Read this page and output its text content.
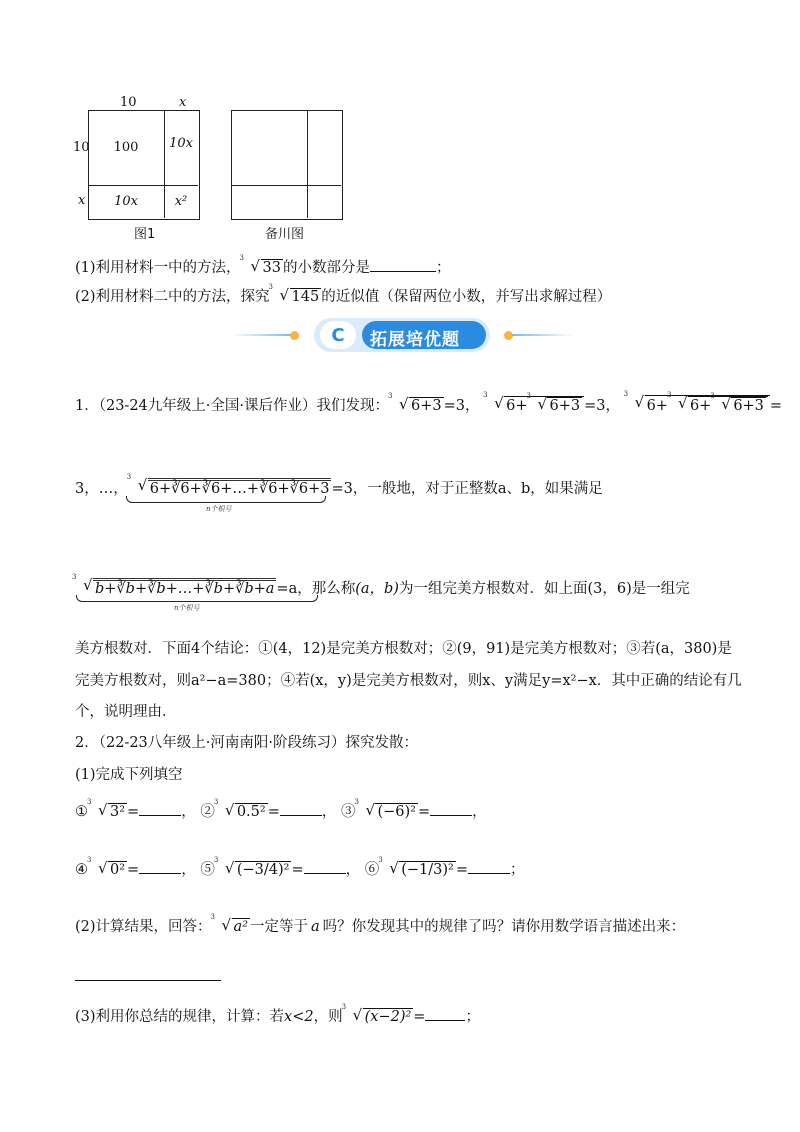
10	x
10
x
100	10x
10x	x²
图1	备川图
(1)利用材料一中的方法，
3
√ 33 的小数部分是	；
(2)利用材料二中的方法，探究
3
√ 145 的近似值（保留两位小数，并写出求解过程）
C 拓展培优题
1．（23-24九年级上·全国·课后作业）我们发现：
3
√ 6+3 =3，
3
√ 6+
3
√ 6+3 =3，
3
√ 6+
3
√ 6+
3
√ 6+3 =
3，…，
3
√ 6+∛6+∛6+…+∛6+∛6+3 =3，一般地，对于正整数a、b，如果满足
n个根号
3
√ b+∛b+∛b+…+∛b+∛b+a =a，那么称(a，b)为一组完美方根数对．如上面(3，6)是一组完
n个根号
美方根数对．下面4个结论：①(4，12)是完美方根数对；②(9，91)是完美方根数对；③若(a，380)是
完美方根数对，则a²−a=380；④若(x，y)是完美方根数对，则x、y满足y=x²−x．其中正确的结论有几
个，说明理由．
2．（22-23八年级上·河南南阳·阶段练习）探究发散：
(1)完成下列填空
①
3
√ 3² =	， ②
3
√ 0.5² =	， ③
3
√ (−6)² =	，
④
3
√ 0² =	， ⑤
3
√ (−3/4)² =	， ⑥
3
√ (−1/3)² =	；
(2)计算结果，回答：
3
√ a² 一定等于 a 吗？你发现其中的规律了吗？请你用数学语言描述出来：
(3)利用你总结的规律，计算：若x<2，则
3
√ (x−2)² =	；
